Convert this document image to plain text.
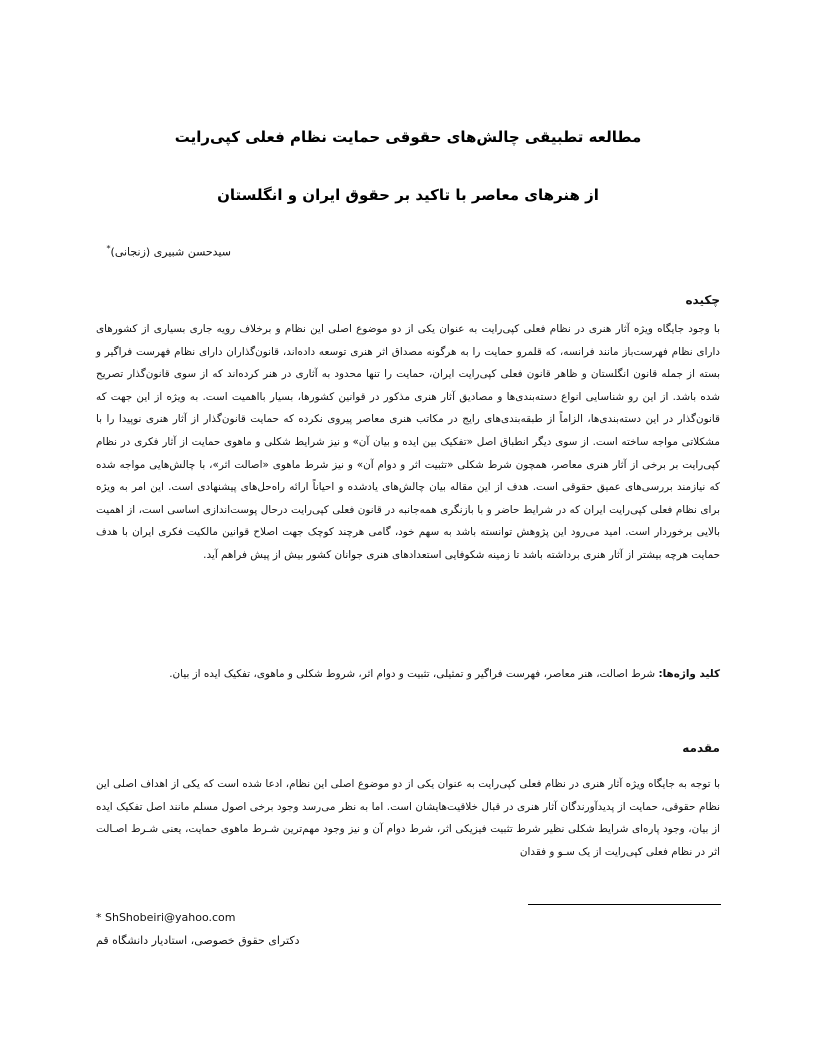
مطالعه تطبیقی چالش‌های حقوقی حمایت نظام فعلی کپی‌رایت
از هنرهای معاصر با تاکید بر حقوق ایران و انگلستان

سیدحسن شبیری (زنجانی)*

چکیده

با وجود جایگاه ویژه آثار هنری در نظام فعلی کپی‌رایت به عنوان یکی از دو موضوع اصلی این نظام و برخلاف رویه جاری بسیاری از کشورهای دارای نظام فهرست‌باز مانند فرانسه، که قلمرو حمایت را به هرگونه مصداق اثر هنری توسعه داده‌اند، قانون‌گذاران دارای نظام فهرست فراگیر و بسته از جمله قانون انگلستان و ظاهر قانون فعلی کپی‌رایت ایران، حمایت را تنها محدود به آثاری در هنر کرده‌اند که از سوی قانون‌گذار تصریح شده باشد. از این رو شناسایی انواع دسته‌بندی‌ها و مصادیق آثار هنری مذکور در قوانین کشورها، بسیار بااهمیت است. به ویژه از این جهت که قانون‌گذار در این دسته‌بندی‌ها، الزاماً از طبقه‌بندی‌های رایج در مکاتب هنری معاصر پیروی نکرده که حمایت قانون‌گذار از آثار هنری نوپیدا را با مشکلاتی مواجه ساخته است. از سوی دیگر انطباق اصل «تفکیک بین ایده و بیان آن» و نیز شرایط شکلی و ماهوی حمایت از آثار فکری در نظام کپی‌رایت بر برخی از آثار هنری معاصر، همچون شرط شکلی «تثبیت اثر و دوام آن» و نیز شرط ماهوی «اصالت اثر»، با چالش‌هایی مواجه شده که نیازمند بررسی‌های عمیق حقوقی است. هدف از این مقاله بیان چالش‌های یادشده و احیاناً ارائه راه‌حل‌های پیشنهادی است. این امر به ویژه برای نظام فعلی کپی‌رایت ایران که در شرایط حاضر و با بازنگری همه‌جانبه در قانون فعلی کپی‌رایت درحال پوست‌اندازی اساسی است، از اهمیت بالایی برخوردار است. امید می‌رود این پژوهش توانسته باشد به سهم خود، گامی هرچند کوچک جهت اصلاح قوانین مالکیت فکری ایران با هدف حمایت هرچه بیشتر از آثار هنری برداشته باشد تا زمینه شکوفایی استعدادهای هنری جوانان کشور بیش از پیش فراهم آید.

کلید واژه‌ها: شرط اصالت، هنر معاصر، فهرست فراگیر و تمثیلی، تثبیت و دوام اثر، شروط شکلی و ماهوی، تفکیک ایده از بیان.

مقدمه

با توجه به جایگاه ویژه آثار هنری در نظام فعلی کپی‌رایت به عنوان یکی از دو موضوع اصلی این نظام، ادعا شده است که یکی از اهداف اصلی این نظام حقوقی، حمایت از پدیدآورندگان آثار هنری در قبال خلاقیت‌هایشان است. اما به نظر می‌رسد وجود برخی اصول مسلم مانند اصل تفکیک ایده از بیان، وجود پاره‌ای شرایط شکلی نظیر شرط تثبیت فیزیکی اثر، شرط دوام آن و نیز وجود مهم‌ترین شـرط ماهوی حمایت، یعنی شـرط اصـالت اثر در نظام فعلی کپی‌رایت از یک سـو و فقدان

* ShShobeiri@yahoo.com

دکترای حقوق خصوصی، استادیار دانشگاه قم
